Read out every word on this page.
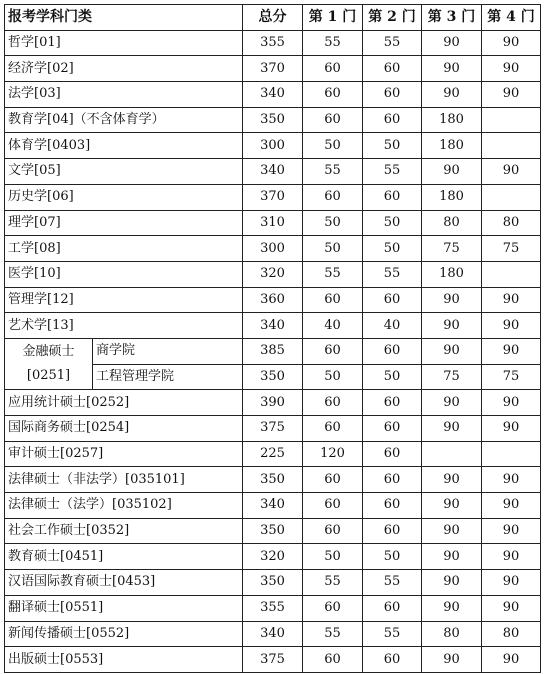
报考学科门类		总分	第 1 门	第 2 门	第 3 门	第 4 门
哲学[01]		355	55	55	90	90
经济学[02]		370	60	60	90	90
法学[03]		340	60	60	90	90
教育学[04]（不含体育学）		350	60	60	180	
体育学[0403]		300	50	50	180	
文学[05]		340	55	55	90	90
历史学[06]		370	60	60	180	
理学[07]		310	50	50	80	80
工学[08]		300	50	50	75	75
医学[10]		320	55	55	180	
管理学[12]		360	60	60	90	90
艺术学[13]		340	40	40	90	90

金融硕士
[0251]	商学院	385	60	60	90	90
	工程管理学院	350	50	50	75	75
应用统计硕士[0252]		390	60	60	90	90
国际商务硕士[0254]		375	60	60	90	90
审计硕士[0257]		225	120	60		
法律硕士（非法学）[035101]		350	60	60	90	90
法律硕士（法学）[035102]		340	60	60	90	90
社会工作硕士[0352]		350	60	60	90	90
教育硕士[0451]		320	50	50	90	90
汉语国际教育硕士[0453]		350	55	55	90	90
翻译硕士[0551]		355	60	60	90	90
新闻传播硕士[0552]		340	55	55	80	80
出版硕士[0553]		375	60	60	90	90
